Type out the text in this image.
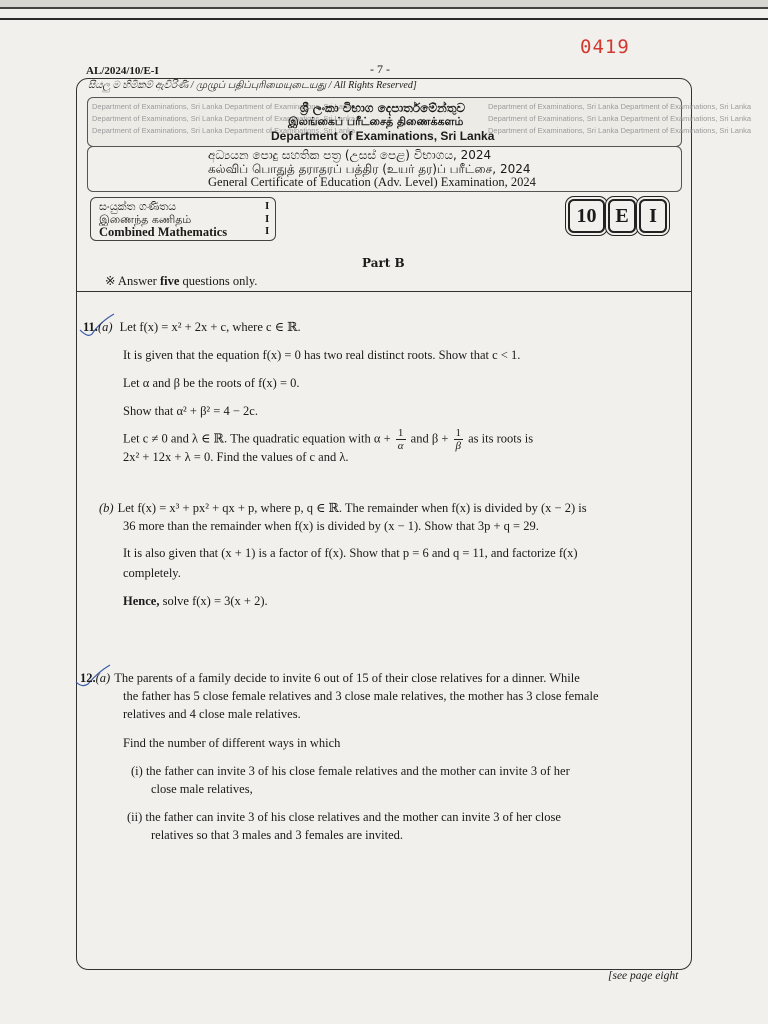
0419
AL/2024/10/E-I	- 7 -
සියලු ම හිමිකම් ඇවිරිණි / முழுப் பதிப்புரிமையுடையது / All Rights Reserved]
Department of Examinations, Sri Lanka Department of Examinations, Sri Lanka
Department of Examinations, Sri Lanka Department of Examinations, Sri Lanka
Department of Examinations, Sri Lanka Department of Examinations, Sri Lanka
Department of Examinations, Sri Lanka Department of Examinations, Sri Lanka
Department of Examinations, Sri Lanka Department of Examinations, Sri Lanka
Department of Examinations, Sri Lanka Department of Examinations, Sri Lanka
ශ්‍රී ලංකා විභාග දෙපාර්තමේන්තුව
இலங்கைப் பரீட்சைத் திணைக்களம்
Department of Examinations, Sri Lanka
අධ්‍යයන පොදු සහතික පත්‍ර (උසස් පෙළ) විභාගය, 2024
கல்விப் பொதுத் தராதரப் பத்திர (உயர் தர)ப் பரீட்சை, 2024
General Certificate of Education (Adv. Level) Examination, 2024
සංයුක්ත ගණිතය
இணைந்த கணிதம்
Combined Mathematics
I
I
I
10 E	I
Part B
※ Answer five questions only.
11.(a) Let f(x) = x² + 2x + c, where c ∈ ℝ.
It is given that the equation f(x) = 0 has two real distinct roots. Show that c < 1.
Let α and β be the roots of f(x) = 0.
Show that α² + β² = 4 − 2c.
Let c ≠ 0 and λ ∈ ℝ. The quadratic equation with $\alpha + \frac{1}{\alpha}$ and $\beta + \frac{1}{\beta}$ as its roots is
2x² + 12x + λ = 0. Find the values of c and λ.
(b) Let f(x) = x³ + px² + qx + p, where p, q ∈ ℝ. The remainder when f(x) is divided by (x − 2) is
36 more than the remainder when f(x) is divided by (x − 1). Show that 3p + q = 29.
It is also given that (x + 1) is a factor of f(x). Show that p = 6 and q = 11, and factorize f(x)
completely.
Hence, solve f(x) = 3(x + 2).
12.(a) The parents of a family decide to invite 6 out of 15 of their close relatives for a dinner. While
the father has 5 close female relatives and 3 close male relatives, the mother has 3 close female
relatives and 4 close male relatives.
Find the number of different ways in which
(i) the father can invite 3 of his close female relatives and the mother can invite 3 of her
close male relatives,
(ii) the father can invite 3 of his close relatives and the mother can invite 3 of her close
relatives so that 3 males and 3 females are invited.
[see page eight
